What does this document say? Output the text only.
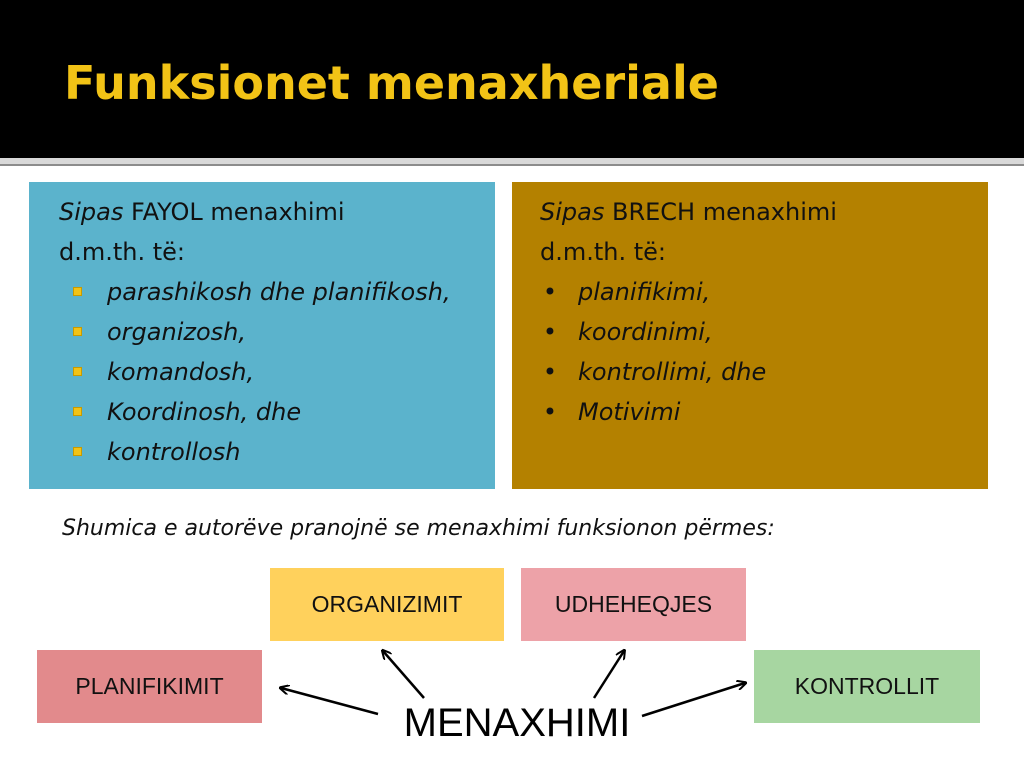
Funksionet menaxheriale
Sipas FAYOL menaxhimi
d.m.th. të:
parashikosh dhe planifikosh,
organizosh,
komandosh,
Koordinosh, dhe
kontrollosh
Sipas BRECH menaxhimi
d.m.th. të:
• planifikimi,
• koordinimi,
• kontrollimi, dhe
• Motivimi

Shumica e autorëve pranojnë se menaxhimi funksionon përmes:

ORGANIZIMIT	UDHEHEQJES
PLANIFIKIMIT	KONTROLLIT
MENAXHIMI
